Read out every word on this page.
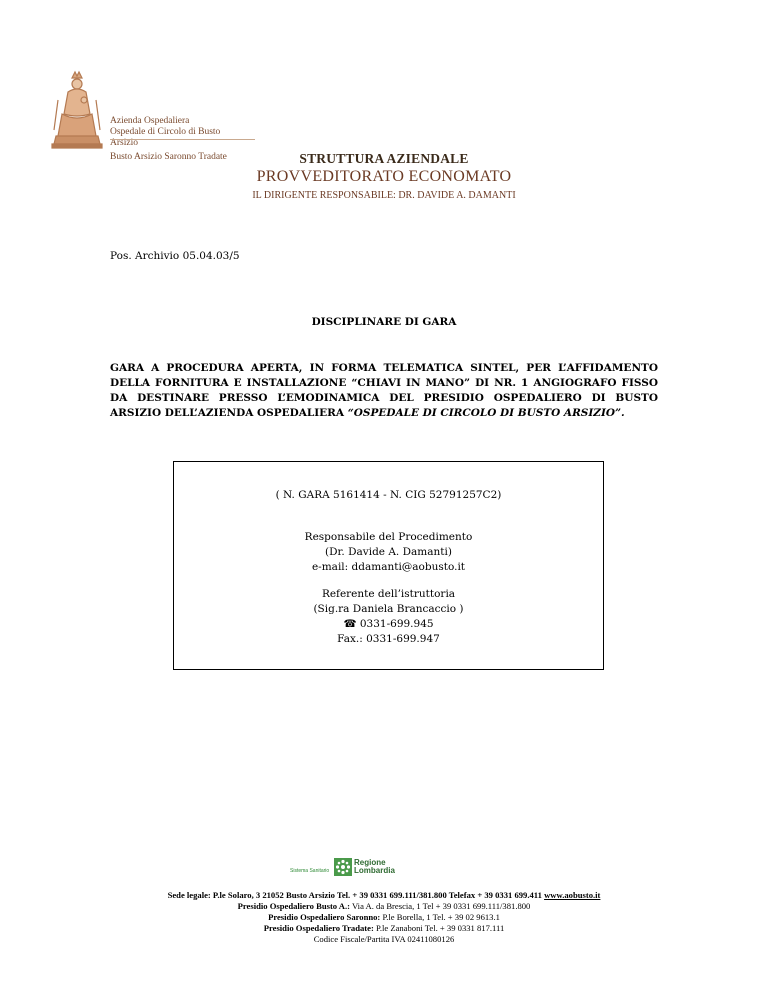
Azienda Ospedaliera
Ospedale di Circolo di Busto Arsizio
Busto Arsizio Saronno Tradate	STRUTTURA AZIENDALE
PROVVEDITORATO ECONOMATO
IL DIRIGENTE RESPONSABILE: DR. DAVIDE A. DAMANTI
Pos. Archivio 05.04.03/5
DISCIPLINARE DI GARA
GARA A PROCEDURA APERTA, IN FORMA TELEMATICA SINTEL, PER L’AFFIDAMENTO DELLA FORNITURA E INSTALLAZIONE “CHIAVI IN MANO” DI NR. 1 ANGIOGRAFO FISSO DA DESTINARE PRESSO L’EMODINAMICA DEL PRESIDIO OSPEDALIERO DI BUSTO ARSIZIO DELL’AZIENDA OSPEDALIERA “OSPEDALE DI CIRCOLO DI BUSTO ARSIZIO”.
( N. GARA 5161414 - N. CIG 52791257C2)
Responsabile del Procedimento
(Dr. Davide A. Damanti)
e-mail: ddamanti@aobusto.it
Referente dell’istruttoria
(Sig.ra Daniela Brancaccio )
☎ 0331-699.945
Fax.: 0331-699.947
Sistema Sanitario
Regione
Lombardia
Sede legale: P.le Solaro, 3 21052 Busto Arsizio Tel. + 39 0331 699.111/381.800 Telefax + 39 0331 699.411 www.aobusto.it
Presidio Ospedaliero Busto A.: Via A. da Brescia, 1 Tel + 39 0331 699.111/381.800
Presidio Ospedaliero Saronno: P.le Borella, 1 Tel. + 39 02 9613.1
Presidio Ospedaliero Tradate: P.le Zanaboni Tel. + 39 0331 817.111
Codice Fiscale/Partita IVA 02411080126
